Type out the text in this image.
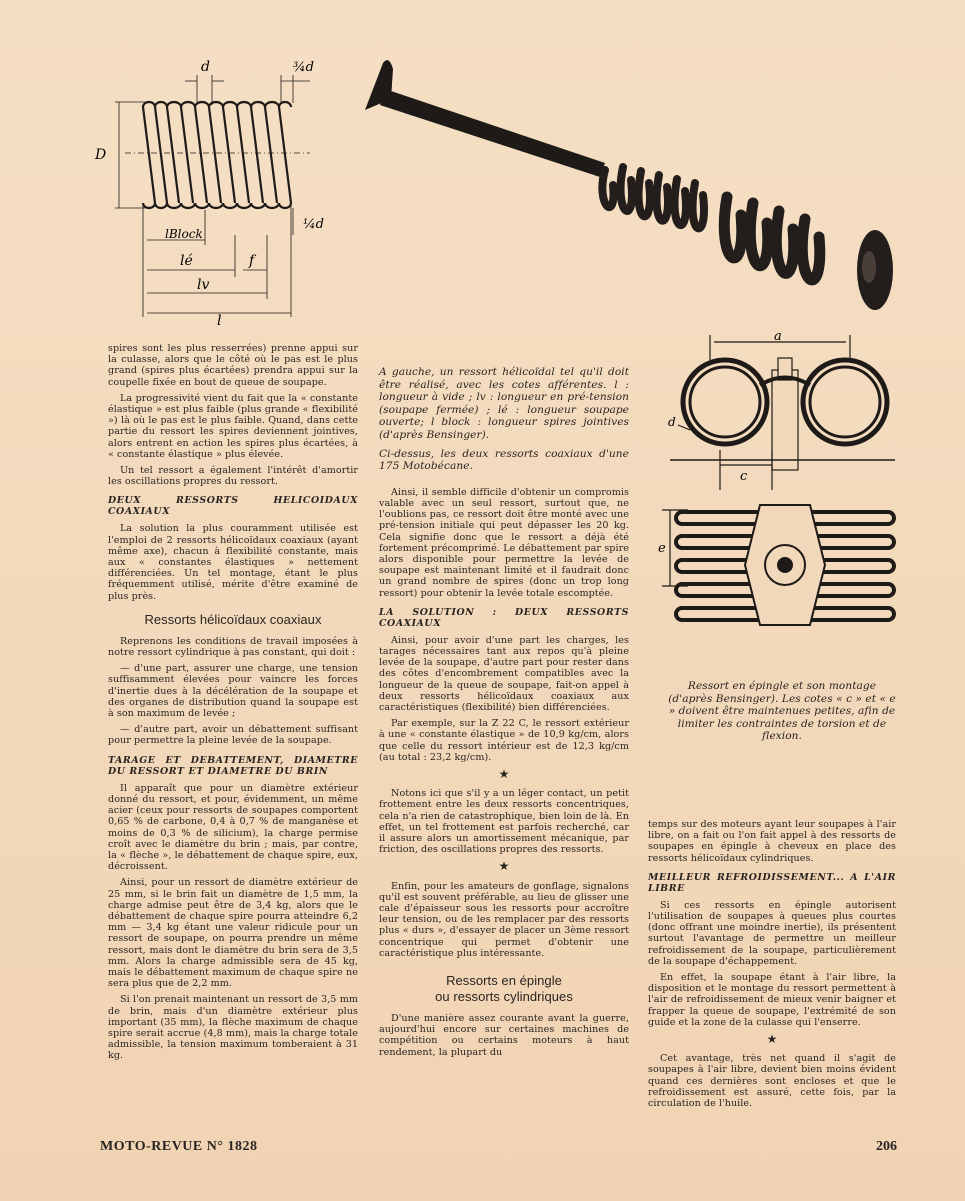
d	¾d
D
¼d
lBlock
lé	f
lv
l
a
d
c
e

spires sont les plus resserrées) prenne appui sur la culasse, alors que le côté où le pas est le plus grand (spires plus écartées) prendra appui sur la coupelle fixée en bout de queue de soupape.

La progressivité vient du fait que la « constante élastique » est plus faible (plus grande « flexibilité ») là où le pas est le plus faible. Quand, dans cette partie du ressort les spires deviennent jointives, alors entrent en action les spires plus écartées, à « constante élastique » plus élevée.

Un tel ressort a également l'intérêt d'amortir les oscillations propres du ressort.

DEUX RESSORTS HELICOIDAUX COAXIAUX

La solution la plus couramment utilisée est l'emploi de 2 ressorts hélicoïdaux coaxiaux (ayant même axe), chacun à flexibilité constante, mais aux « constantes élastiques » nettement différenciées. Un tel montage, étant le plus fréquemment utilisé, mérite d'être examiné de plus près.

Ressorts hélicoïdaux coaxiaux

Reprenons les conditions de travail imposées à notre ressort cylindrique à pas constant, qui doit :

— d'une part, assurer une charge, une tension suffisamment élevées pour vaincre les forces d'inertie dues à la décélération de la soupape et des organes de distribution quand la soupape est à son maximum de levée ;

— d'autre part, avoir un débattement suffisant pour permettre la pleine levée de la soupape.

TARAGE ET DEBATTEMENT, DIAMETRE DU RESSORT ET DIAMETRE DU BRIN

Il apparaît que pour un diamètre extérieur donné du ressort, et pour, évidemment, un même acier (ceux pour ressorts de soupapes comportent 0,65 % de carbone, 0,4 à 0,7 % de manganèse et moins de 0,3 % de silicium), la charge permise croît avec le diamètre du brin ; mais, par contre, la « flèche », le débattement de chaque spire, eux, décroissent.

Ainsi, pour un ressort de diamètre extérieur de 25 mm, si le brin fait un diamètre de 1,5 mm, la charge admise peut être de 3,4 kg, alors que le débattement de chaque spire pourra atteindre 6,2 mm — 3,4 kg étant une valeur ridicule pour un ressort de soupape, on pourra prendre un même ressort, mais dont le diamètre du brin sera de 3,5 mm. Alors la charge admissible sera de 45 kg, mais le débattement maximum de chaque spire ne sera plus que de 2,2 mm.

Si l'on prenait maintenant un ressort de 3,5 mm de brin, mais d'un diamètre extérieur plus important (35 mm), la flèche maximum de chaque spire serait accrue (4,8 mm), mais la charge totale admissible, la tension maximum tomberaient à 31 kg.

A gauche, un ressort hélicoïdal tel qu'il doit être réalisé, avec les cotes afférentes. l : longueur à vide ; lv : longueur en pré-tension (soupape fermée) ; lé : longueur soupape ouverte; l block : longueur spires jointives (d'après Bensinger).

Ci-dessus, les deux ressorts coaxiaux d'une 175 Motobécane.

Ainsi, il semble difficile d'obtenir un compromis valable avec un seul ressort, surtout que, ne l'oublions pas, ce ressort doit être monté avec une pré-tension initiale qui peut dépasser les 20 kg. Cela signifie donc que le ressort a déjà été fortement précomprimé. Le débattement par spire alors disponible pour permettre la levée de soupape est maintenant limité et il faudrait donc un grand nombre de spires (donc un trop long ressort) pour obtenir la levée totale escomptée.

LA SOLUTION : DEUX RESSORTS COAXIAUX

Ainsi, pour avoir d'une part les charges, les tarages nécessaires tant aux repos qu'à pleine levée de la soupape, d'autre part pour rester dans des côtes d'encombrement compatibles avec la longueur de la queue de soupape, fait-on appel à deux ressorts hélicoïdaux coaxiaux aux caractéristiques (flexibilité) bien différenciées.

Par exemple, sur la Z 22 C, le ressort extérieur à une « constante élastique » de 10,9 kg/cm, alors que celle du ressort intérieur est de 12,3 kg/cm (au total : 23,2 kg/cm).

★

Notons ici que s'il y a un léger contact, un petit frottement entre les deux ressorts concentriques, cela n'a rien de catastrophique, bien loin de là. En effet, un tel frottement est parfois recherché, car il assure alors un amortissement mécanique, par friction, des oscillations propres des ressorts.

★

Enfin, pour les amateurs de gonflage, signalons qu'il est souvent préférable, au lieu de glisser une cale d'épaisseur sous les ressorts pour accroître leur tension, ou de les remplacer par des ressorts plus « durs », d'essayer de placer un 3ème ressort concentrique qui permet d'obtenir une caractéristique plus intéressante.

Ressorts en épingle
ou ressorts cylindriques

D'une manière assez courante avant la guerre, aujourd'hui encore sur certaines machines de compétition ou certains moteurs à haut rendement, la plupart du

Ressort en épingle et son montage (d'après Bensinger). Les cotes « c » et « e » doivent être maintenues petites, afin de limiter les contraintes de torsion et de flexion.

temps sur des moteurs ayant leur soupapes à l'air libre, on a fait ou l'on fait appel à des ressorts de soupapes en épingle à cheveux en place des ressorts hélicoïdaux cylindriques.

MEILLEUR REFROIDISSEMENT... A L'AIR LIBRE

Si ces ressorts en épingle autorisent l'utilisation de soupapes à queues plus courtes (donc offrant une moindre inertie), ils présentent surtout l'avantage de permettre un meilleur refroidissement de la soupape, particulièrement de la soupape d'échappement.

En effet, la soupape étant à l'air libre, la disposition et le montage du ressort permettent à l'air de refroidissement de mieux venir baigner et frapper la queue de soupape, l'extrémité de son guide et la zone de la culasse qui l'enserre.

★

Cet avantage, très net quand il s'agit de soupapes à l'air libre, devient bien moins évident quand ces dernières sont encloses et que le refroidissement est assuré, cette fois, par la circulation de l'huile.

MOTO-REVUE N° 1828	206
